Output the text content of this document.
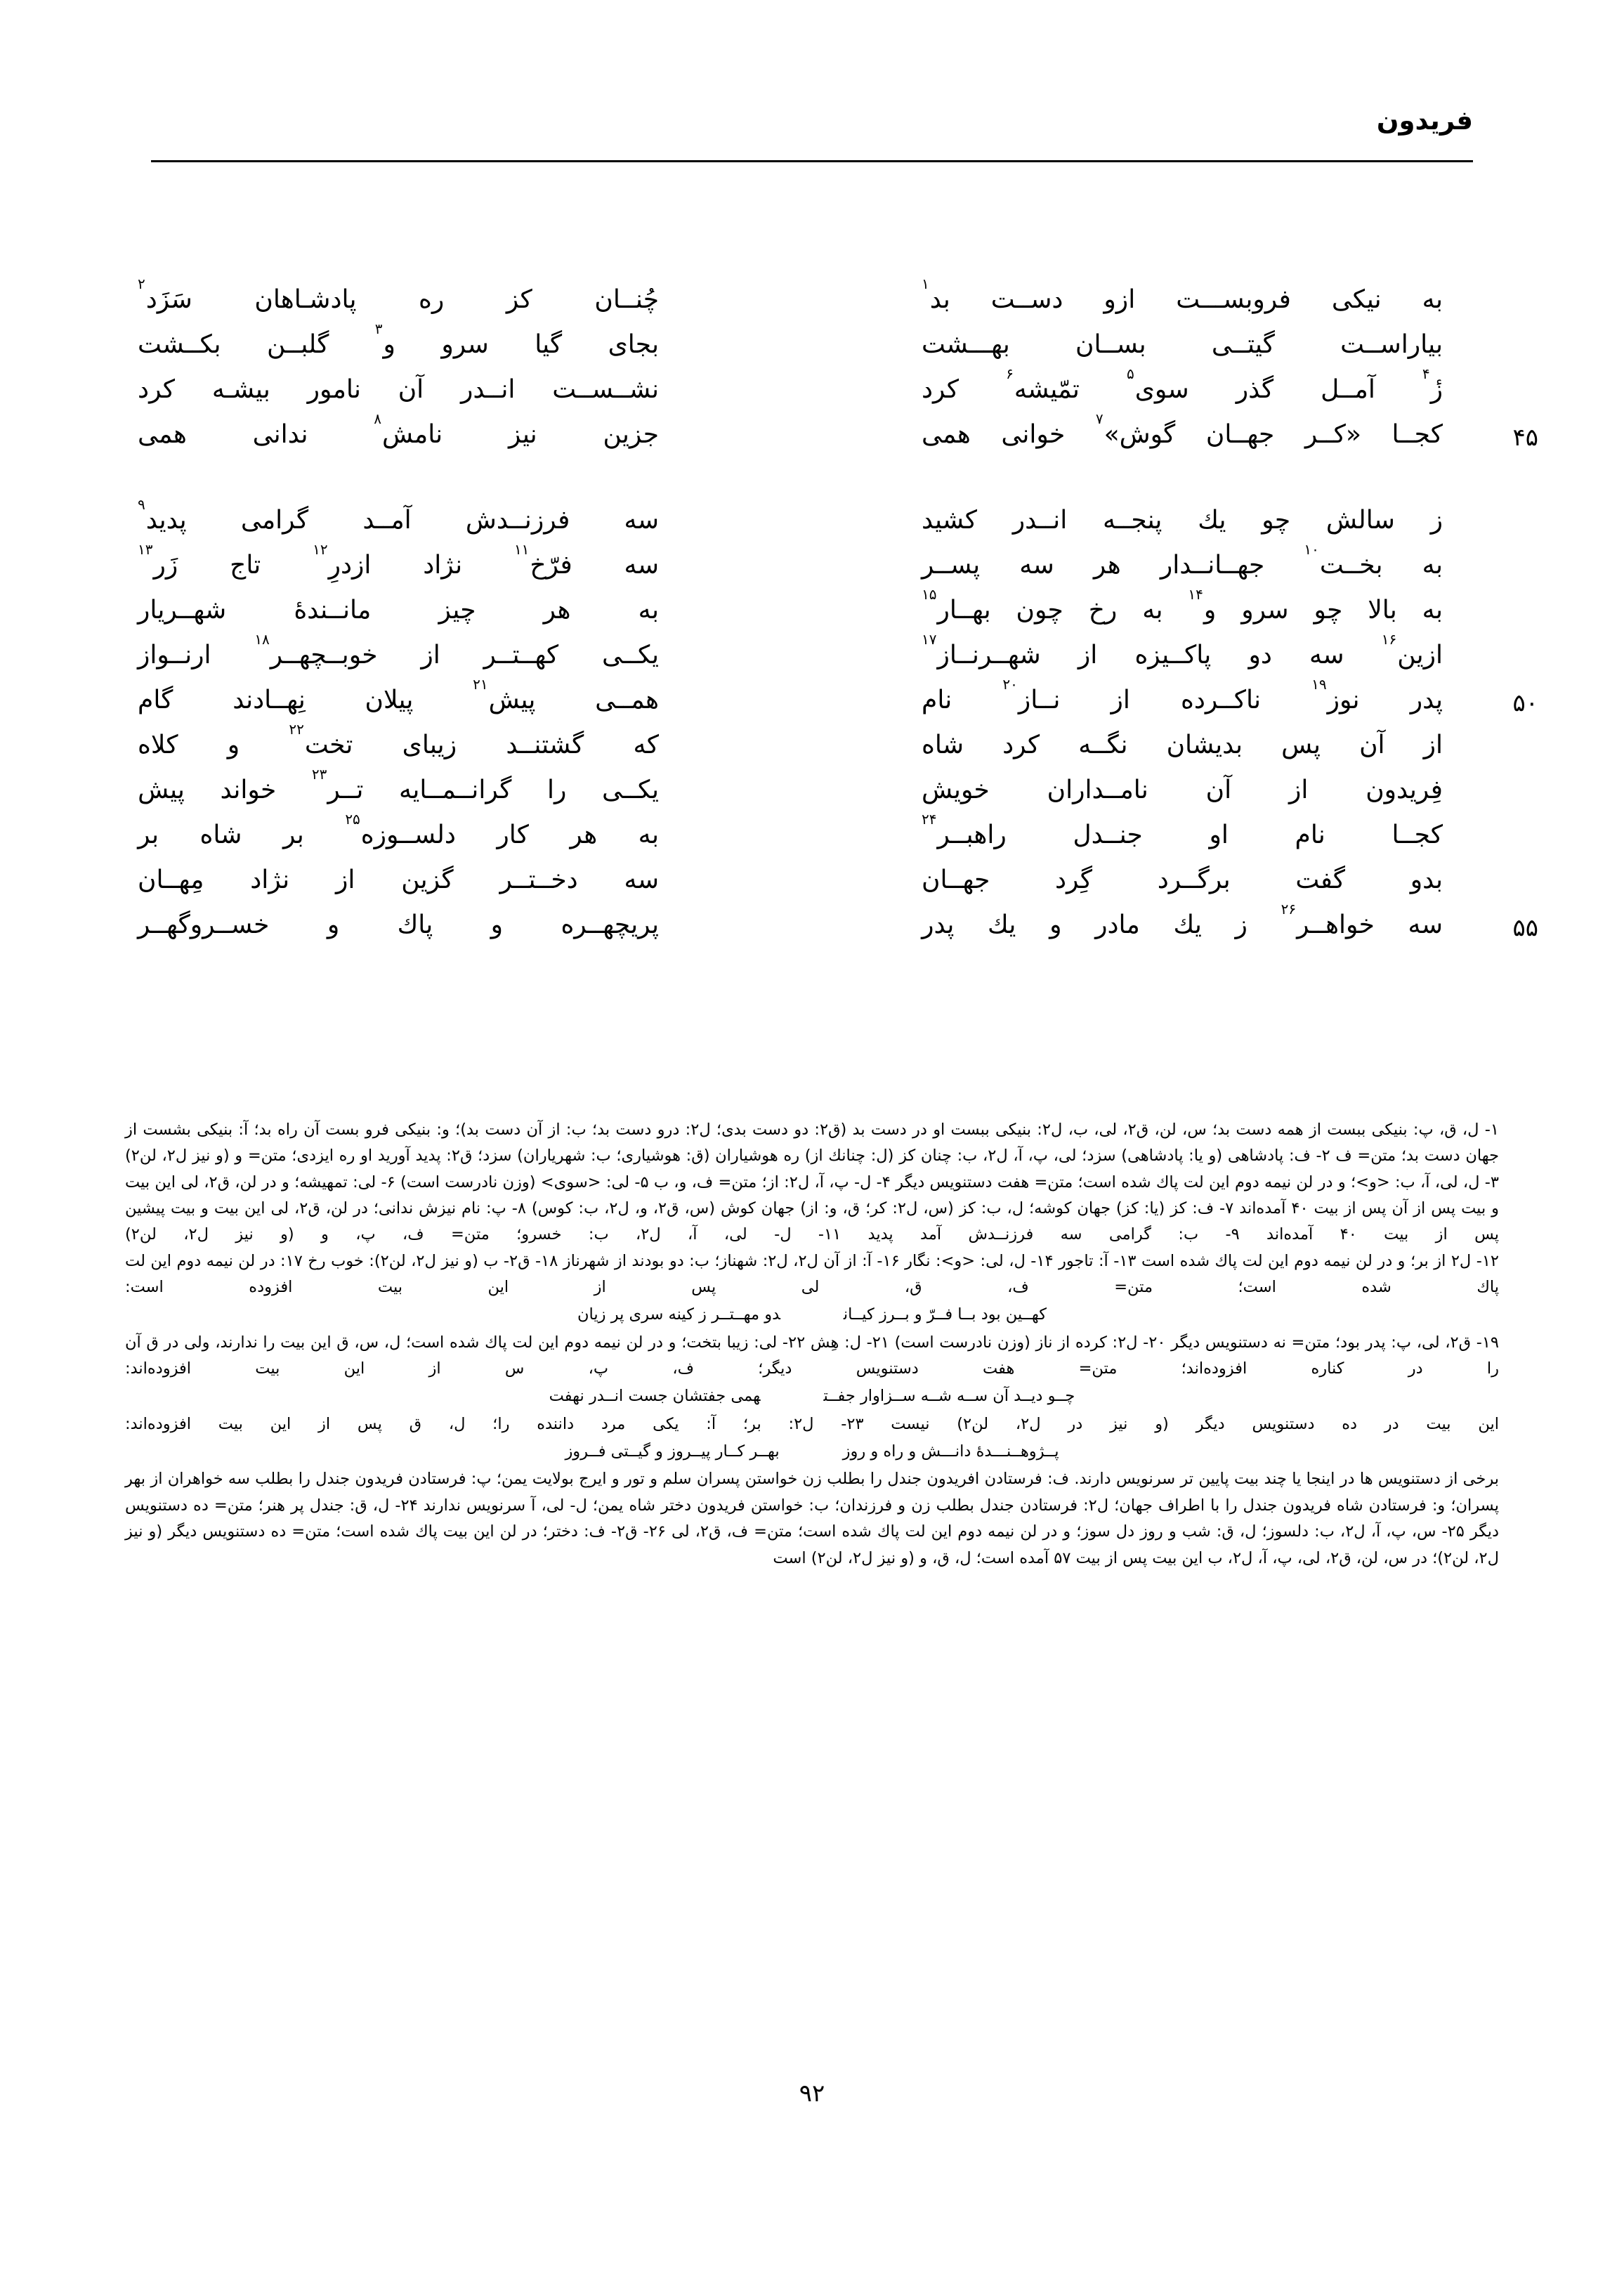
فریدون
به
نیکی
فروبســـت
ازو
دســت
بد$^۱$
بیاراســت
گیتــی
بســان
بهـــشت
زٔ$^۴$
آمــل
گذر
سوی$^۵$
تمّیشه$^۶$
کرد
۴۵
کجــا
«کــر
جهــان
گوش»$^۷$
خوانی
همی
ز
سالش
چو
یك
پنجــه
انــدر
کشید
به
بخــت$^{۱۰}$
جهــانــدار
هر
سه
پســر
به
بالا
چو
سرو
و$^{۱۴}$
به
رخ
چون
بهــار$^{۱۵}$
ازین$^{۱۶}$
سه
دو
پاکــیزه
از
شهــرنــاز$^{۱۷}$
۵۰
پدر
نوز$^{۱۹}$
ناکــرده
از
نــاز$^{۲۰}$
نام
از
آن
پس
بدیشان
نگــه
کرد
شاه
فِریدون
از
آن
نامــداران
خویش
کجــا
نام
او
جنــدل
راهبــر$^{۲۴}$
بدو
گفت
برگــرد
گِرد
جهــان
۵۵
سه
خواهــر$^{۲۶}$
ز
یك
مادر
و
یك
پدر
چُنــان
کز
ره
پادشـاهان
سَزَد$^۲$
بجای
گیا
سرو
و$^۳$
گلبــن
بکــشت
نشــســت
انــدر
آن
نامور
بیشـه
کرد
جزین
نیز
نامش$^۸$
ندانی
همی
سه
فرزنــدش
آمــد
گرامی
پدید$^۹$
سه
فرّخ$^{۱۱}$
نژاد
ازدرِ$^{۱۲}$
تاج
زَر$^{۱۳}$
به
هر
چیز
مانــندهٔ
شهــریار
یکــی
کهــتــر
از
خوبــچهــر$^{۱۸}$
ارنــواز
همــی
پیش$^{۲۱}$
پیلان
نِهــادند
گام
که
گشتنــد
زیبای
تخت$^{۲۲}$
و
کلاه
یکــی
را
گرانــمــایه
تــر$^{۲۳}$
خواند
پیش
به
هر
کار
دلســوزه$^{۲۵}$
بر
شاه
بر
سه
دخــتــر
گزین
از
نژاد
مِهــان
پریچهــره
و
پاك
و
خســروگهــر
۱- ل، ق، پ: بنیکی ببست از همه دست بد؛ س، لن، ق۲، لی، ب، ل۲: بنیکی ببست او در دست بد (ق۲: دو دست بدی؛ ل۲: درو دست بد؛ ب: از آن دست بد)؛ و: بنیکی فرو بست آن راه بد؛ آ: بنیکی بشست از جهان دست بد؛ متن= ف ۲- ف: پادشاهی (و یا: پادشاهی) سزد؛ لی، پ، آ، ل۲، ب: چنان کز (ل: چنانك از) ره هوشیاران (ق: هوشیاری؛ ب: شهریاران) سزد؛ ق۲: پدید آورید او ره ایزدی؛ متن= و (و نیز ل۲، لن۲)
۳- ل، لی، آ، ب: <و>؛ و در لن نیمه دوم این لت پاك شده است؛ متن= هفت دستنویس دیگر ۴- ل- پ، آ، ل۲: از؛ متن= ف، و، ب ۵- لی: <سوی> (وزن نادرست است) ۶- لی: تمهیشه؛ و در لن، ق۲، لی این بیت و بیت پس از آن پس از بیت ۴۰ آمده‌اند ۷- ف: کز (یا: کز) جهان کوشه؛ ل، ب: کز (س، ل۲: کر؛ ق، و: از) جهان کوش (س، ق۲، و، ل۲، ب: کوس) ۸- پ: نام نیزش ندانی؛ در لن، ق۲، لی این بیت و بیت پیشین پس از بیت ۴۰ آمده‌اند ۹- ب: گرامی سه فرزنــدش آمد پدید ۱۱- ل- لی، آ، ل۲، ب: خسرو؛ متن= ف، پ، و (و نیز ل۲، لن۲)
۱۲- ل۲ از بر؛ و در لن نیمه دوم این لت پاك شده است ۱۳- آ: تاجور ۱۴- ل، لی: <و>: نگار ۱۶- آ: از آن ل۲، ل۲: شهناز؛ ب: دو بودند از شهرناز ۱۸- ق۲- ب (و نیز ل۲، لن۲): خوب رخ ۱۷: در لن نیمه دوم این لت پاك شده است؛ متن= ف، ق، لی پس از این بیت افزوده است:
کهــین بود بــا فــرّ و بــرز کیــاندو مهــتــر ز کینه سری پر زیان
۱۹- ق۲، لی، پ: پدر بود؛ متن= نه دستنویس دیگر ۲۰- ل۲: کرده از ناز (وزن نادرست است) ۲۱- ل: هِش ۲۲- لی: زیبا بتخت؛ و در لن نیمه دوم این لت پاك شده است؛ ل، س، ق این بیت را ندارند، ولی در ق آن را در کناره افزوده‌اند؛ متن= هفت دستنویس دیگر؛ ف، پ، س از این بیت افزوده‌اند:
چــو دیــد آن ســه شــه ســزاوار جفــتهمی جفتشان جست انــدر نهفت
این بیت در ده دستنویس دیگر (و نیز در ل۲، لن۲) نیست ۲۳- ل۲: بر؛ آ: یکی مرد داننده را؛ ل، ق پس از این بیت افزوده‌اند:
پــژوهــنـــدهٔ دانـــش و راه و روزبهــر کــار پیــروز و گیــتی فــروز
برخی از دستنویس ها در اینجا یا چند بیت پایین تر سرنویس دارند. ف: فرستادن افریدون جندل را بطلب زن خواستن پسران سلم و تور و ایرج بولایت یمن؛ پ: فرستادن فریدون جندل را بطلب سه خواهران از بهر پسران؛ و: فرستادن شاه فریدون جندل را با اطراف جهان؛ ل۲: فرستادن جندل بطلب زن و فرزندان؛ ب: خواستن فریدون دختر شاه یمن؛ ل- لی، آ سرنویس ندارند ۲۴- ل، ق: جندل پر هنر؛ متن= ده دستنویس دیگر ۲۵- س، پ، آ، ل۲، ب: دلسوز؛ ل، ق: شب و روز دل سوز؛ و در لن نیمه دوم این لت پاك شده است؛ متن= ف، ق۲، لی ۲۶- ق۲- ف: دختر؛ در لن این بیت پاك شده است؛ متن= ده دستنویس دیگر (و نیز ل۲، لن۲)؛ در س، لن، ق۲، لی، پ، آ، ل۲، ب این بیت پس از بیت ۵۷ آمده است؛ ل، ق، و (و نیز ل۲، لن۲) است
۹۲
